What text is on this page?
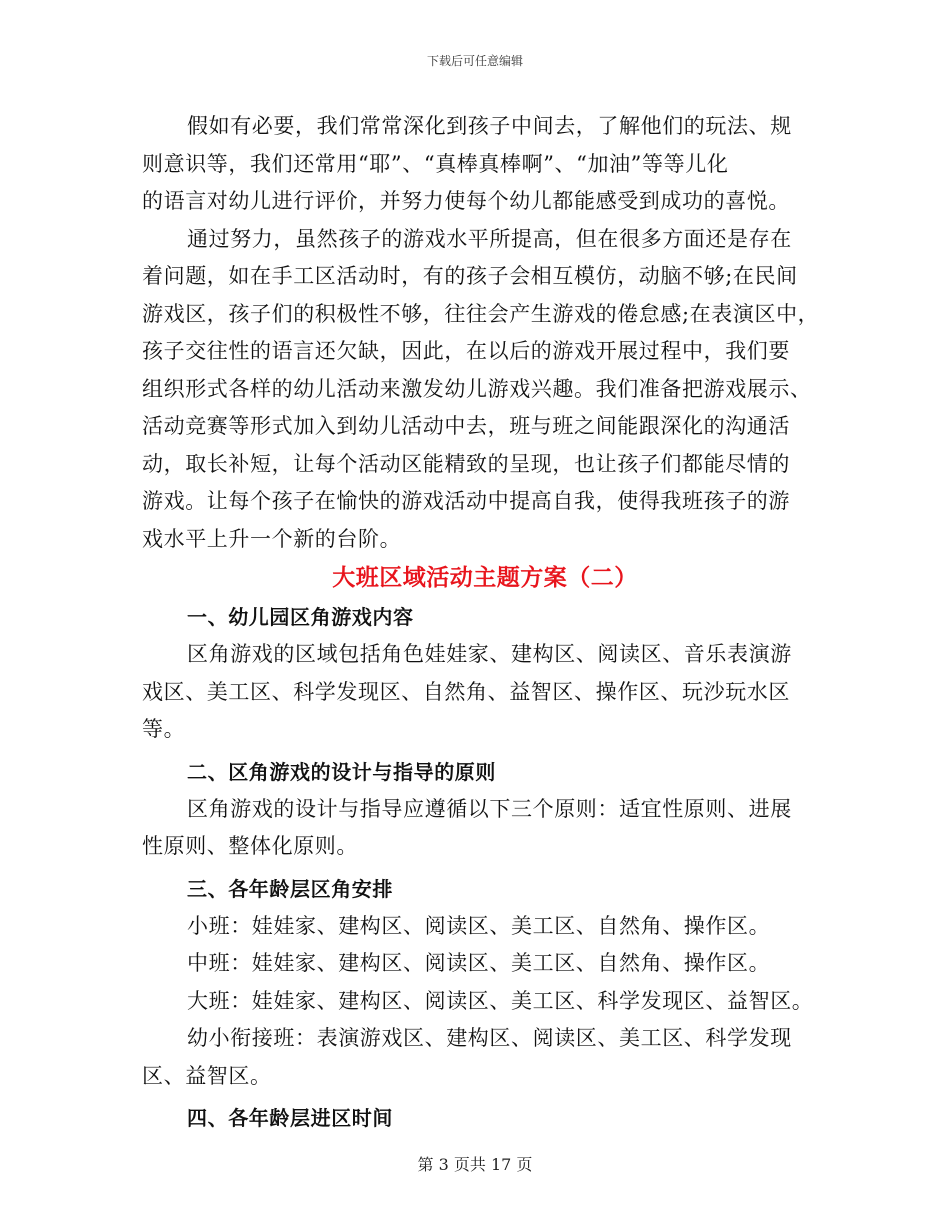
下载后可任意编辑

假如有必要，我们常常深化到孩子中间去，了解他们的玩法、规

则意识等，我们还常用“耶”、“真棒真棒啊”、“加油”等等儿化

的语言对幼儿进行评价，并努力使每个幼儿都能感受到成功的喜悦。

通过努力，虽然孩子的游戏水平所提高，但在很多方面还是存在

着问题，如在手工区活动时，有的孩子会相互模仿，动脑不够;在民间

游戏区，孩子们的积极性不够，往往会产生游戏的倦怠感;在表演区中，

孩子交往性的语言还欠缺，因此，在以后的游戏开展过程中，我们要

组织形式各样的幼儿活动来激发幼儿游戏兴趣。我们准备把游戏展示、

活动竞赛等形式加入到幼儿活动中去，班与班之间能跟深化的沟通活

动，取长补短，让每个活动区能精致的呈现，也让孩子们都能尽情的

游戏。让每个孩子在愉快的游戏活动中提高自我，使得我班孩子的游

戏水平上升一个新的台阶。

大班区域活动主题方案（二）
一、幼儿园区角游戏内容

区角游戏的区域包括角色娃娃家、建构区、阅读区、音乐表演游

戏区、美工区、科学发现区、自然角、益智区、操作区、玩沙玩水区

等。

二、区角游戏的设计与指导的原则

区角游戏的设计与指导应遵循以下三个原则：适宜性原则、进展

性原则、整体化原则。

三、各年龄层区角安排

小班：娃娃家、建构区、阅读区、美工区、自然角、操作区。

中班：娃娃家、建构区、阅读区、美工区、自然角、操作区。

大班：娃娃家、建构区、阅读区、美工区、科学发现区、益智区。

幼小衔接班：表演游戏区、建构区、阅读区、美工区、科学发现

区、益智区。

四、各年龄层进区时间
第 3 页共 17 页
